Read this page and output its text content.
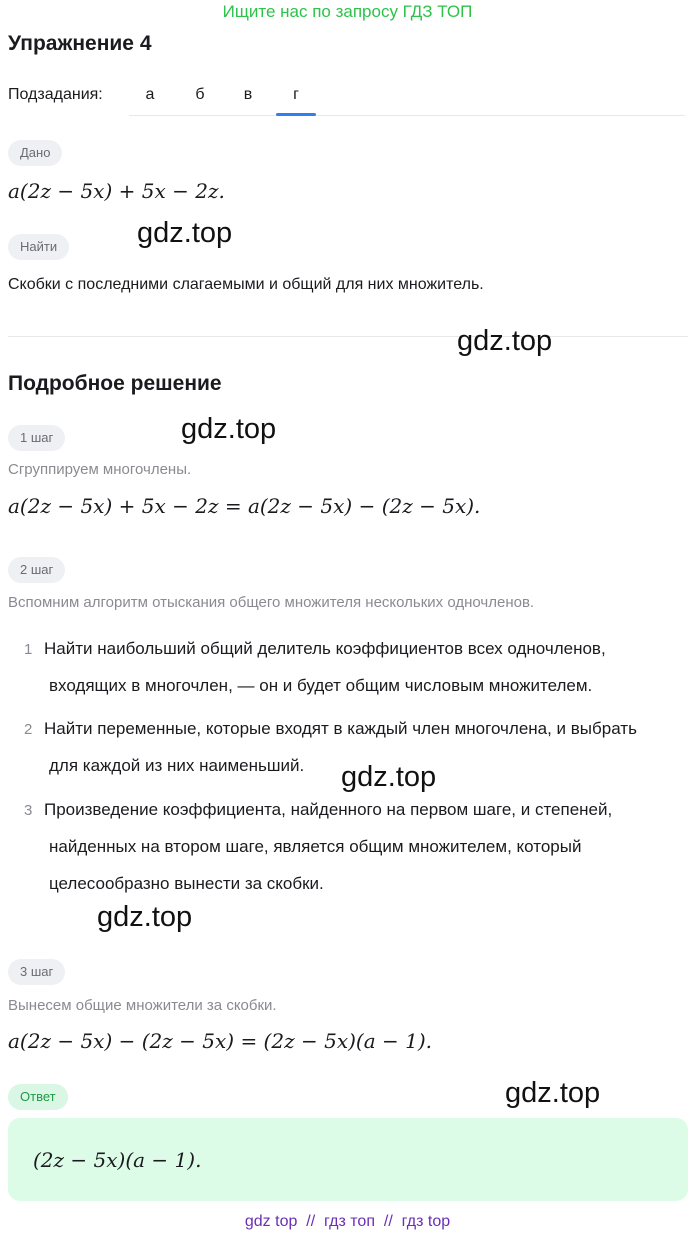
Ищите нас по запросу ГДЗ ТОП
Упражнение 4
Подзадания:	а	б	в	г
Дано
a(2z − 5x) + 5x − 2z.
Найти
Скобки с последними слагаемыми и общий для них множитель.
Подробное решение
1 шаг
Сгруппируем многочлены.
a(2z − 5x) + 5x − 2z = a(2z − 5x) − (2z − 5x).
2 шаг
Вспомним алгоритм отыскания общего множителя нескольких одночленов.
1 Найти наибольший общий делитель коэффициентов всех одночленов,
входящих в многочлен, — он и будет общим числовым множителем.
2 Найти переменные, которые входят в каждый член многочлена, и выбрать
для каждой из них наименьший.
3 Произведение коэффициента, найденного на первом шаге, и степеней,
найденных на втором шаге, является общим множителем, который
целесообразно вынести за скобки.
3 шаг
Вынесем общие множители за скобки.
a(2z − 5x) − (2z − 5x) = (2z − 5x)(a − 1).
Ответ
(2z − 5x)(a − 1).
gdz.top
gdz.top
gdz.top
gdz.top
gdz.top
gdz.top
gdz top  //  гдз топ  //  гдз top
